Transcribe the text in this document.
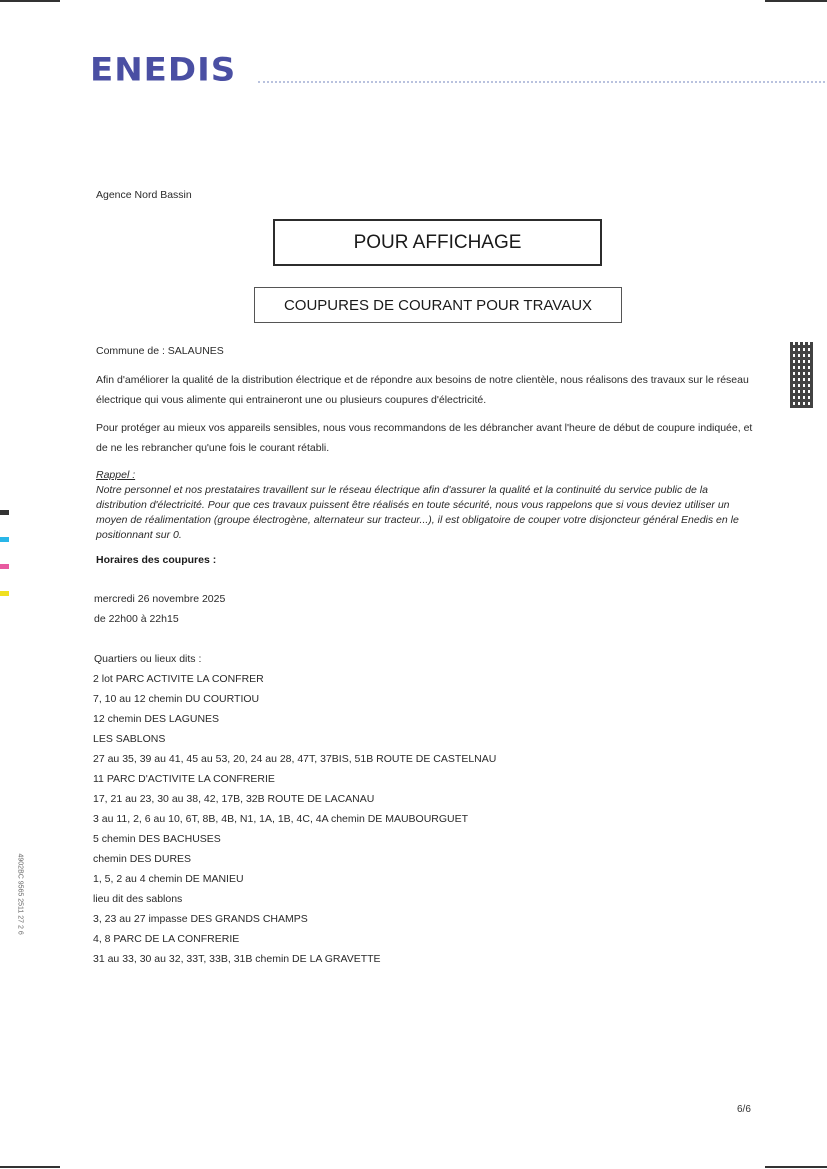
ENEDIS
Agence Nord Bassin
POUR AFFICHAGE
COUPURES DE COURANT POUR TRAVAUX
Commune de : SALAUNES
Afin d'améliorer la qualité de la distribution électrique et de répondre aux besoins de notre clientèle, nous réalisons des travaux sur le réseau électrique qui vous alimente qui entraineront une ou plusieurs coupures d'électricité.
Pour protéger au mieux vos appareils sensibles, nous vous recommandons de les débrancher avant l'heure de début de coupure indiquée, et de ne les rebrancher qu'une fois le courant rétabli.
Rappel :
Notre personnel et nos prestataires travaillent sur le réseau électrique afin d'assurer la qualité et la continuité du service public de la distribution d'électricité. Pour que ces travaux puissent être réalisés en toute sécurité, nous vous rappelons que si vous deviez utiliser un moyen de réalimentation (groupe électrogène, alternateur sur tracteur...), il est obligatoire de couper votre disjoncteur général Enedis en le positionnant sur 0.
Horaires des coupures :
mercredi 26 novembre 2025
de 22h00 à 22h15
Quartiers ou lieux dits :
2 lot PARC ACTIVITE LA CONFRER
7, 10 au 12 chemin DU COURTIOU
12 chemin DES LAGUNES
LES SABLONS
27 au 35, 39 au 41, 45 au 53, 20, 24 au 28, 47T, 37BIS, 51B ROUTE DE CASTELNAU
11 PARC D'ACTIVITE LA CONFRERIE
17, 21 au 23, 30 au 38, 42, 17B, 32B ROUTE DE LACANAU
3 au 11, 2, 6 au 10, 6T, 8B, 4B, N1, 1A, 1B, 4C, 4A chemin DE MAUBOURGUET
5 chemin DES BACHUSES
chemin DES DURES
1, 5, 2 au 4 chemin DE MANIEU
lieu dit des sablons
3, 23 au 27 impasse DES GRANDS CHAMPS
4, 8 PARC DE LA CONFRERIE
31 au 33, 30 au 32, 33T, 33B, 31B chemin DE LA GRAVETTE
4902BC 9565 2511 27 2 6
6/6
